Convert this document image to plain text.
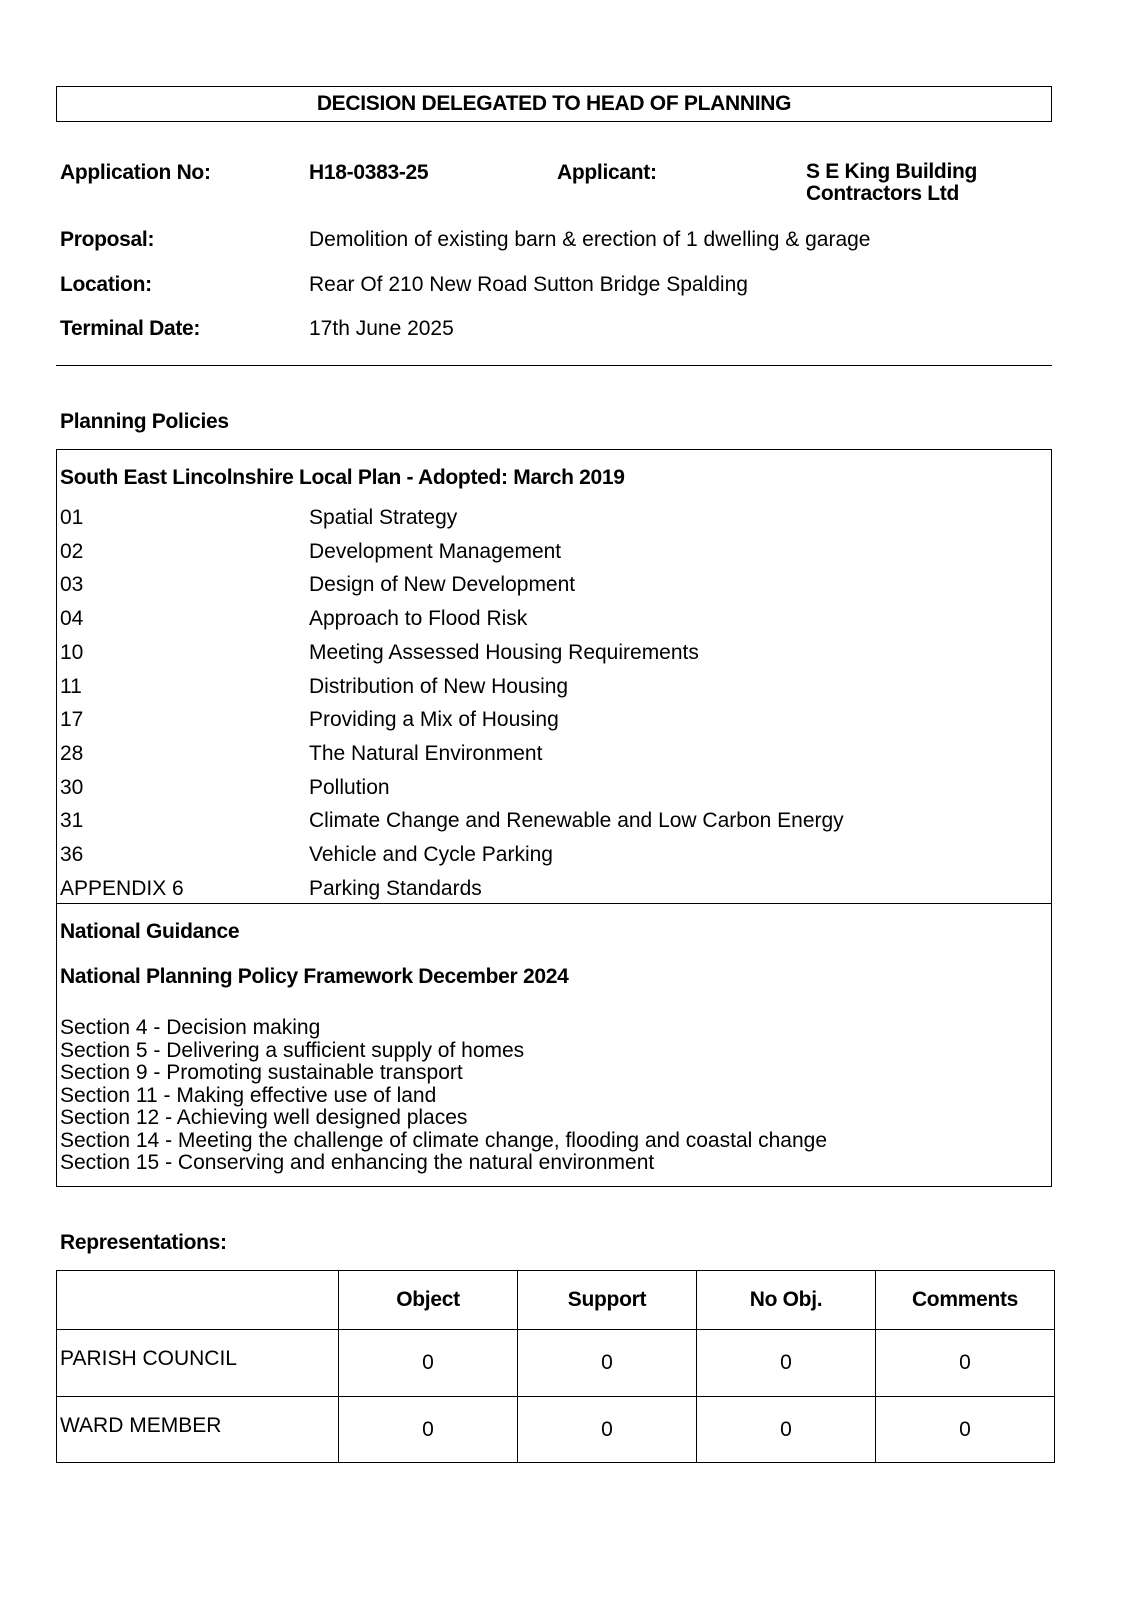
DECISION DELEGATED TO HEAD OF PLANNING
Application No:	H18-0383-25	Applicant:	S E King Building
Contractors Ltd
Proposal:	Demolition of existing barn & erection of 1 dwelling & garage
Location:	Rear Of 210 New Road Sutton Bridge Spalding
Terminal Date:	17th June 2025
Planning Policies
South East Lincolnshire Local Plan - Adopted: March 2019
01	Spatial Strategy
02	Development Management
03	Design of New Development
04	Approach to Flood Risk
10	Meeting Assessed Housing Requirements
11	Distribution of New Housing
17	Providing a Mix of Housing
28	The Natural Environment
30	Pollution
31	Climate Change and Renewable and Low Carbon Energy
36	Vehicle and Cycle Parking
APPENDIX 6	Parking Standards
National Guidance
National Planning Policy Framework December 2024
Section 4 - Decision making
Section 5 - Delivering a sufficient supply of homes
Section 9 - Promoting sustainable transport
Section 11 - Making effective use of land
Section 12 - Achieving well designed places
Section 14 - Meeting the challenge of climate change, flooding and coastal change
Section 15 - Conserving and enhancing the natural environment
Representations:
	Object	Support	No Obj.	Comments
PARISH COUNCIL	0	0	0	0
WARD MEMBER	0	0	0	0
